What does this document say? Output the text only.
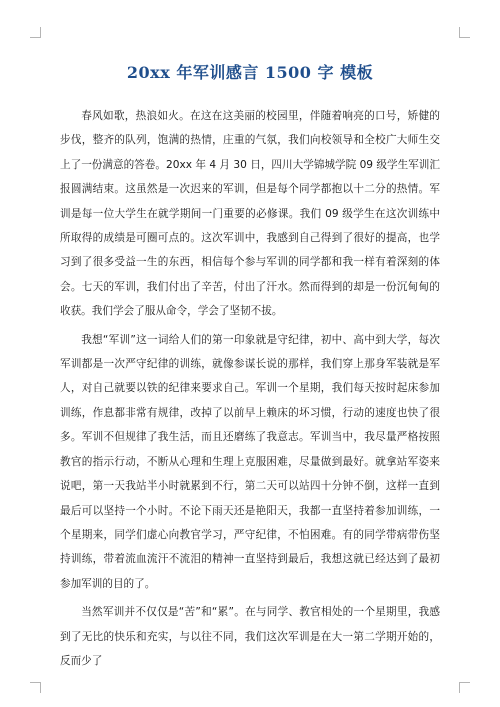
20xx 年军训感言 1500 字 模板

春风如歌，热浪如火。在这在这美丽的校园里，伴随着响亮的口号，矫健的步伐，整齐的队列，饱满的热情，庄重的气氛，我们向校领导和全校广大师生交上了一份满意的答卷。20xx 年 4 月 30 日，四川大学锦城学院 09 级学生军训汇报圆满结束。这虽然是一次迟来的军训，但是每个同学都抱以十二分的热情。军训是每一位大学生在就学期间一门重要的必修课。我们 09 级学生在这次训练中所取得的成绩是可圈可点的。这次军训中，我感到自己得到了很好的提高，也学习到了很多受益一生的东西，相信每个参与军训的同学都和我一样有着深刻的体会。七天的军训，我们付出了辛苦，付出了汗水。然而得到的却是一份沉甸甸的收获。我们学会了服从命令，学会了坚韧不拔。

我想“军训”这一词给人们的第一印象就是守纪律，初中、高中到大学，每次军训都是一次严守纪律的训练，就像参谋长说的那样，我们穿上那身军装就是军人，对自己就要以铁的纪律来要求自己。军训一个星期，我们每天按时起床参加训练，作息都非常有规律，改掉了以前早上赖床的坏习惯，行动的速度也快了很多。军训不但规律了我生活，而且还磨练了我意志。军训当中，我尽量严格按照教官的指示行动，不断从心理和生理上克服困难，尽量做到最好。就拿站军姿来说吧，第一天我站半小时就累到不行，第二天可以站四十分钟不倒，这样一直到最后可以坚持一个小时。不论下雨天还是艳阳天，我都一直坚持着参加训练，一个星期来，同学们虚心向教官学习，严守纪律，不怕困难。有的同学带病带伤坚持训练，带着流血流汗不流泪的精神一直坚持到最后，我想这就已经达到了最初参加军训的目的了。

当然军训并不仅仅是“苦”和“累”。在与同学、教官相处的一个星期里，我感到了无比的快乐和充实，与以往不同，我们这次军训是在大一第二学期开始的，反而少了
